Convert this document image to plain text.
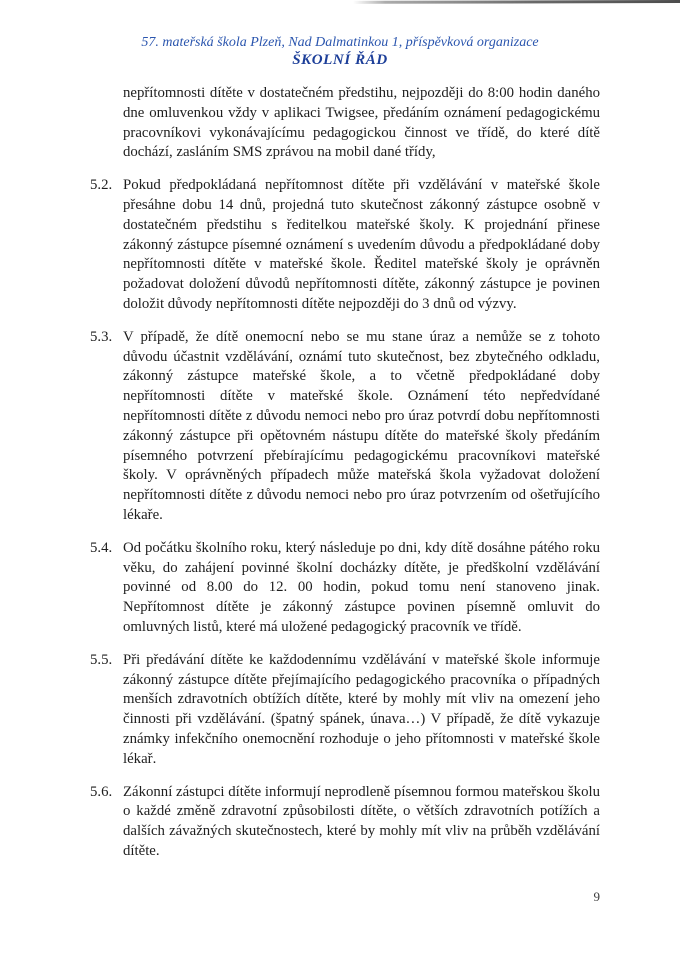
57. mateřská škola Plzeň, Nad Dalmatinkou 1, příspěvková organizace
ŠKOLNÍ ŘÁD

nepřítomnosti dítěte v dostatečném předstihu, nejpozději do 8:00 hodin daného dne omluvenkou vždy v aplikaci Twigsee, předáním oznámení pedagogickému pracovníkovi vykonávajícímu pedagogickou činnost ve třídě, do které dítě dochází, zasláním SMS zprávou na mobil dané třídy,

5.2. Pokud předpokládaná nepřítomnost dítěte při vzdělávání v mateřské škole přesáhne dobu 14 dnů, projedná tuto skutečnost zákonný zástupce osobně v dostatečném předstihu s ředitelkou mateřské školy. K projednání přinese zákonný zástupce písemné oznámení s uvedením důvodu a předpokládané doby nepřítomnosti dítěte v mateřské škole. Ředitel mateřské školy je oprávněn požadovat doložení důvodů nepřítomnosti dítěte, zákonný zástupce je povinen doložit důvody nepřítomnosti dítěte nejpozději do 3 dnů od výzvy.

5.3. V případě, že dítě onemocní nebo se mu stane úraz a nemůže se z tohoto důvodu účastnit vzdělávání, oznámí tuto skutečnost, bez zbytečného odkladu, zákonný zástupce mateřské škole, a to včetně předpokládané doby nepřítomnosti dítěte v mateřské škole. Oznámení této nepředvídané nepřítomnosti dítěte z důvodu nemoci nebo pro úraz potvrdí dobu nepřítomnosti zákonný zástupce při opětovném nástupu dítěte do mateřské školy předáním písemného potvrzení přebírajícímu pedagogickému pracovníkovi mateřské školy. V oprávněných případech může mateřská škola vyžadovat doložení nepřítomnosti dítěte z důvodu nemoci nebo pro úraz potvrzením od ošetřujícího lékaře.

5.4. Od počátku školního roku, který následuje po dni, kdy dítě dosáhne pátého roku věku, do zahájení povinné školní docházky dítěte, je předškolní vzdělávání povinné od 8.00 do 12. 00 hodin, pokud tomu není stanoveno jinak. Nepřítomnost dítěte je zákonný zástupce povinen písemně omluvit do omluvných listů, které má uložené pedagogický pracovník ve třídě.

5.5. Při předávání dítěte ke každodennímu vzdělávání v mateřské škole informuje zákonný zástupce dítěte přejímajícího pedagogického pracovníka o případných menších zdravotních obtížích dítěte, které by mohly mít vliv na omezení jeho činnosti při vzdělávání. (špatný spánek, únava…) V případě, že dítě vykazuje známky infekčního onemocnění rozhoduje o jeho přítomnosti v mateřské škole lékař.

5.6. Zákonní zástupci dítěte informují neprodleně písemnou formou mateřskou školu o každé změně zdravotní způsobilosti dítěte, o větších zdravotních potížích a dalších závažných skutečnostech, které by mohly mít vliv na průběh vzdělávání dítěte.

9
